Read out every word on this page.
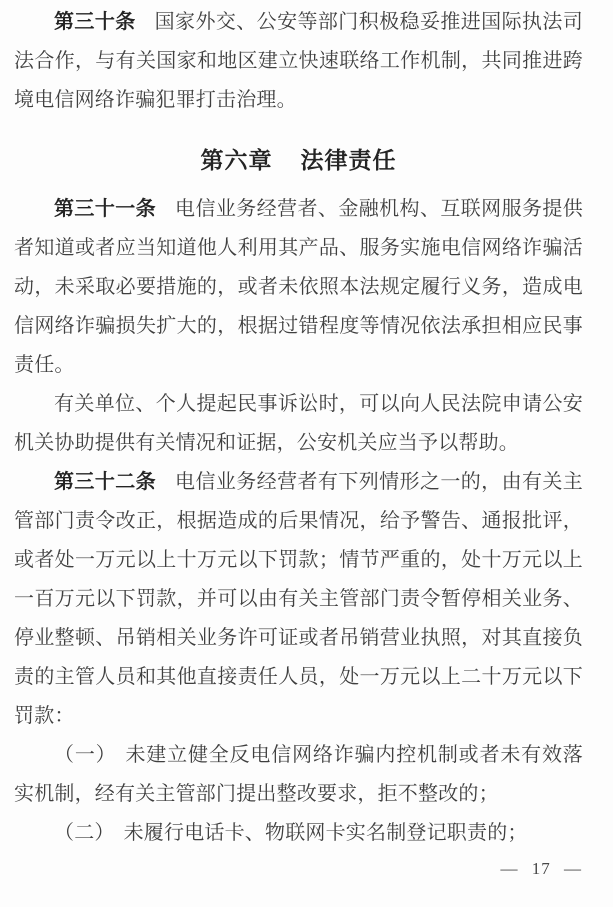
第三十条 国家外交、公安等部门积极稳妥推进国际执法司法合作，与有关国家和地区建立快速联络工作机制，共同推进跨境电信网络诈骗犯罪打击治理。

第六章 法律责任

第三十一条 电信业务经营者、金融机构、互联网服务提供者知道或者应当知道他人利用其产品、服务实施电信网络诈骗活动，未采取必要措施的，或者未依照本法规定履行义务，造成电信网络诈骗损失扩大的，根据过错程度等情况依法承担相应民事责任。

有关单位、个人提起民事诉讼时，可以向人民法院申请公安机关协助提供有关情况和证据，公安机关应当予以帮助。

第三十二条 电信业务经营者有下列情形之一的，由有关主管部门责令改正，根据造成的后果情况，给予警告、通报批评，或者处一万元以上十万元以下罚款；情节严重的，处十万元以上一百万元以下罚款，并可以由有关主管部门责令暂停相关业务、停业整顿、吊销相关业务许可证或者吊销营业执照，对其直接负责的主管人员和其他直接责任人员，处一万元以上二十万元以下罚款：

（一） 未建立健全反电信网络诈骗内控机制或者未有效落实机制，经有关主管部门提出整改要求，拒不整改的；

（二） 未履行电话卡、物联网卡实名制登记职责的；

— 17 —
